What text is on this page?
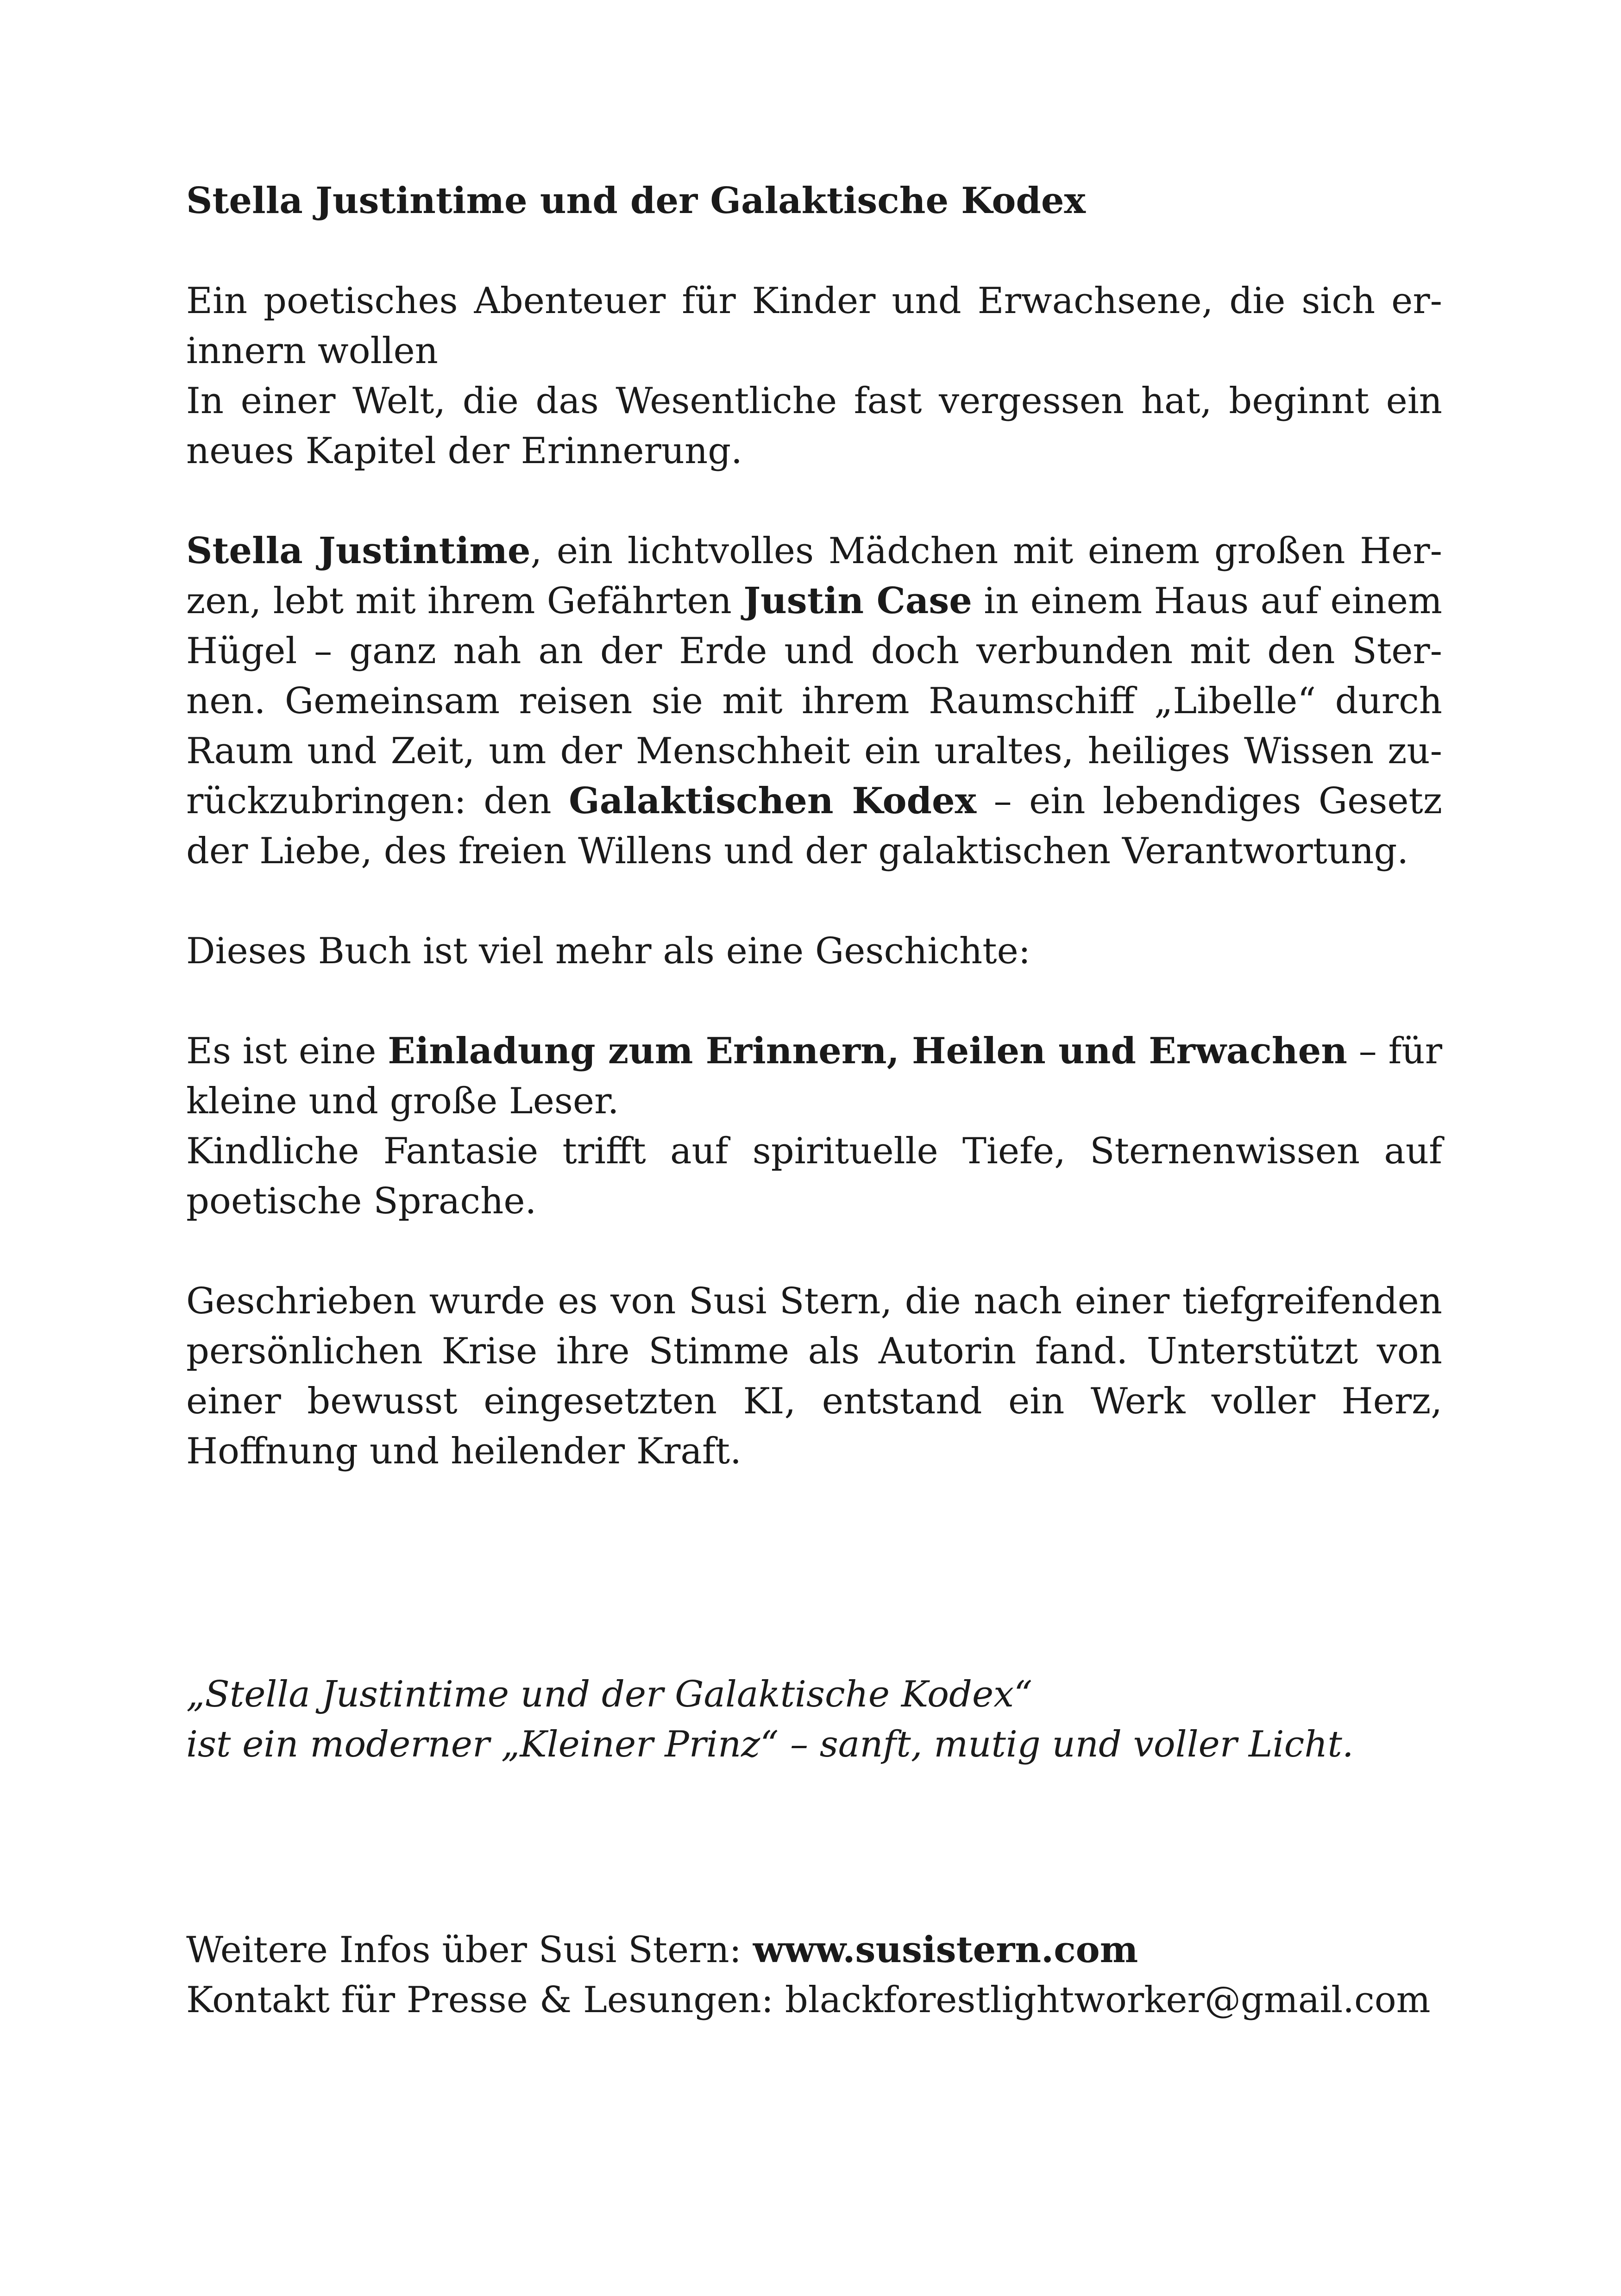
Stella Justintime und der Galaktische Kodex

Ein poetisches Abenteuer für Kinder und Erwachsene, die sich erinnern wollen
In einer Welt, die das Wesentliche fast vergessen hat, beginnt ein neues Kapitel der Erinnerung.

Stella Justintime, ein lichtvolles Mädchen mit einem großen Herzen, lebt mit ihrem Gefährten Justin Case in einem Haus auf einem Hügel – ganz nah an der Erde und doch verbunden mit den Sternen. Gemeinsam reisen sie mit ihrem Raumschiff „Libelle“ durch Raum und Zeit, um der Menschheit ein uraltes, heiliges Wissen zurückzubringen: den Galaktischen Kodex – ein lebendiges Gesetz der Liebe, des freien Willens und der galaktischen Verantwortung.

Dieses Buch ist viel mehr als eine Geschichte:

Es ist eine Einladung zum Erinnern, Heilen und Erwachen – für kleine und große Leser.
Kindliche Fantasie trifft auf spirituelle Tiefe, Sternenwissen auf poetische Sprache.

Geschrieben wurde es von Susi Stern, die nach einer tiefgreifenden persönlichen Krise ihre Stimme als Autorin fand. Unterstützt von einer bewusst eingesetzten KI, entstand ein Werk voller Herz, Hoffnung und heilender Kraft.

„Stella Justintime und der Galaktische Kodex“
ist ein moderner „Kleiner Prinz“ – sanft, mutig und voller Licht.

Weitere Infos über Susi Stern: www.susistern.com
Kontakt für Presse & Lesungen: blackforestlightworker@gmail.com
